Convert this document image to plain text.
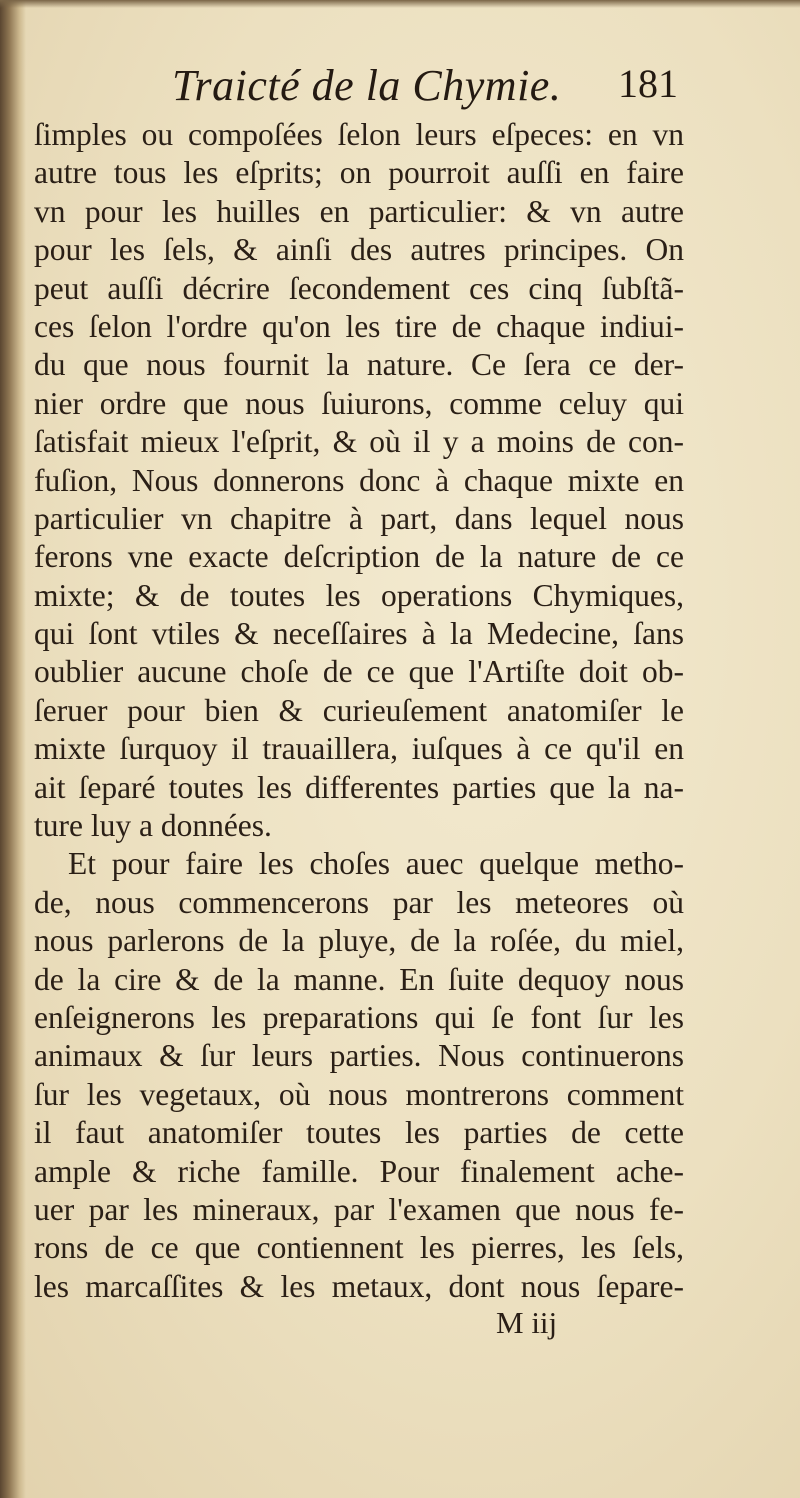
Traicté de la Chymie. 181
ſimples ou compoſées ſelon leurs eſpeces: en vn
autre tous les eſprits; on pourroit auſſi en faire
vn pour les huilles en particulier: & vn autre
pour les ſels, & ainſi des autres principes. On
peut auſſi décrire ſecondement ces cinq ſubſtã-
ces ſelon l'ordre qu'on les tire de chaque indiui-
du que nous fournit la nature. Ce ſera ce der-
nier ordre que nous ſuiurons, comme celuy qui
ſatisfait mieux l'eſprit, & où il y a moins de con-
fuſion, Nous donnerons donc à chaque mixte en
particulier vn chapitre à part, dans lequel nous
ferons vne exacte deſcription de la nature de ce
mixte; & de toutes les operations Chymiques,
qui ſont vtiles & neceſſaires à la Medecine, ſans
oublier aucune choſe de ce que l'Artiſte doit ob-
ſeruer pour bien & curieuſement anatomiſer le
mixte ſurquoy il trauaillera, iuſques à ce qu'il en
ait ſeparé toutes les differentes parties que la na-
ture luy a données.
Et pour faire les choſes auec quelque metho-
de, nous commencerons par les meteores où
nous parlerons de la pluye, de la roſée, du miel,
de la cire & de la manne. En ſuite dequoy nous
enſeignerons les preparations qui ſe font ſur les
animaux & ſur leurs parties. Nous continuerons
ſur les vegetaux, où nous montrerons comment
il faut anatomiſer toutes les parties de cette
ample & riche famille. Pour finalement ache-
uer par les mineraux, par l'examen que nous fe-
rons de ce que contiennent les pierres, les ſels,
les marcaſſites & les metaux, dont nous ſepare-
M iij
